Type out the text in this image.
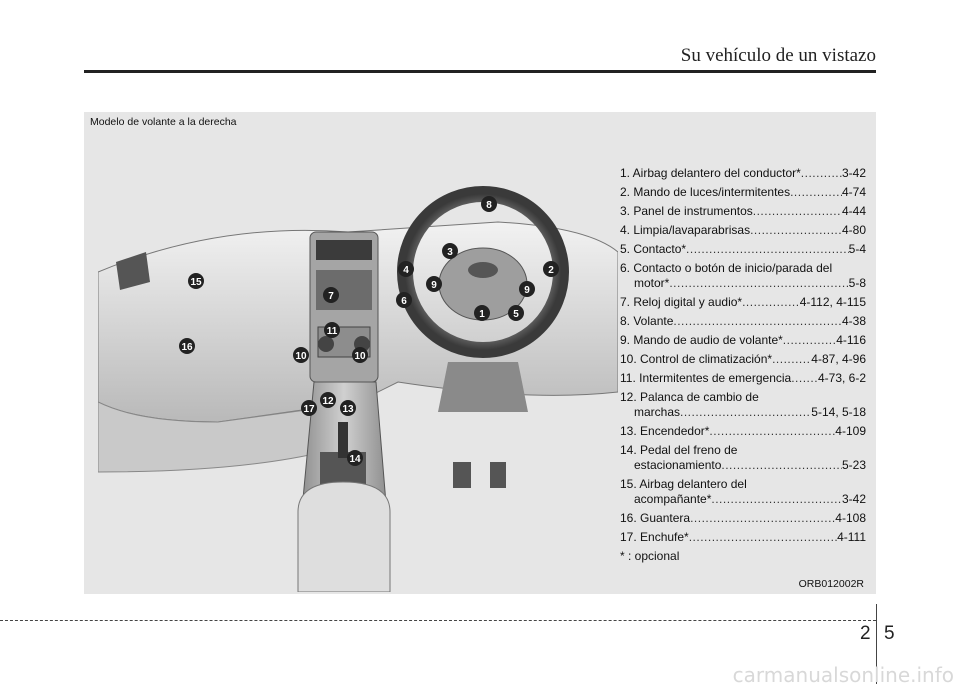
Su vehículo de un vistazo
Modelo de volante a la derecha
8
3
4
9
2
9
6
1	5
7
15
11
16
10	10
12
17	13
14
1. Airbag delantero del conductor* .....	3-42
2. Mando de luces/intermitentes .....	4-74
3. Panel de instrumentos .....	4-44
4. Limpia/lavaparabrisas .....	4-80
5. Contacto* .....	5-4
6. Contacto o botón de inicio/parada del
motor* .....	5-8
7. Reloj digital y audio* .....	4-112, 4-115
8. Volante .....	4-38
9. Mando de audio de volante* .....	4-116
10. Control de climatización* .....	4-87, 4-96
11. Intermitentes de emergencia ..... 4-73, 6-2
12. Palanca de cambio de
marchas .....	5-14, 5-18
13. Encendedor* .....	4-109
14. Pedal del freno de
estacionamiento .....	5-23
15. Airbag delantero del
acompañante* .....	3-42
16. Guantera .....	4-108
17. Enchufe* .....	4-111
* : opcional
ORB012002R
2 5
carmanualsonline.info
